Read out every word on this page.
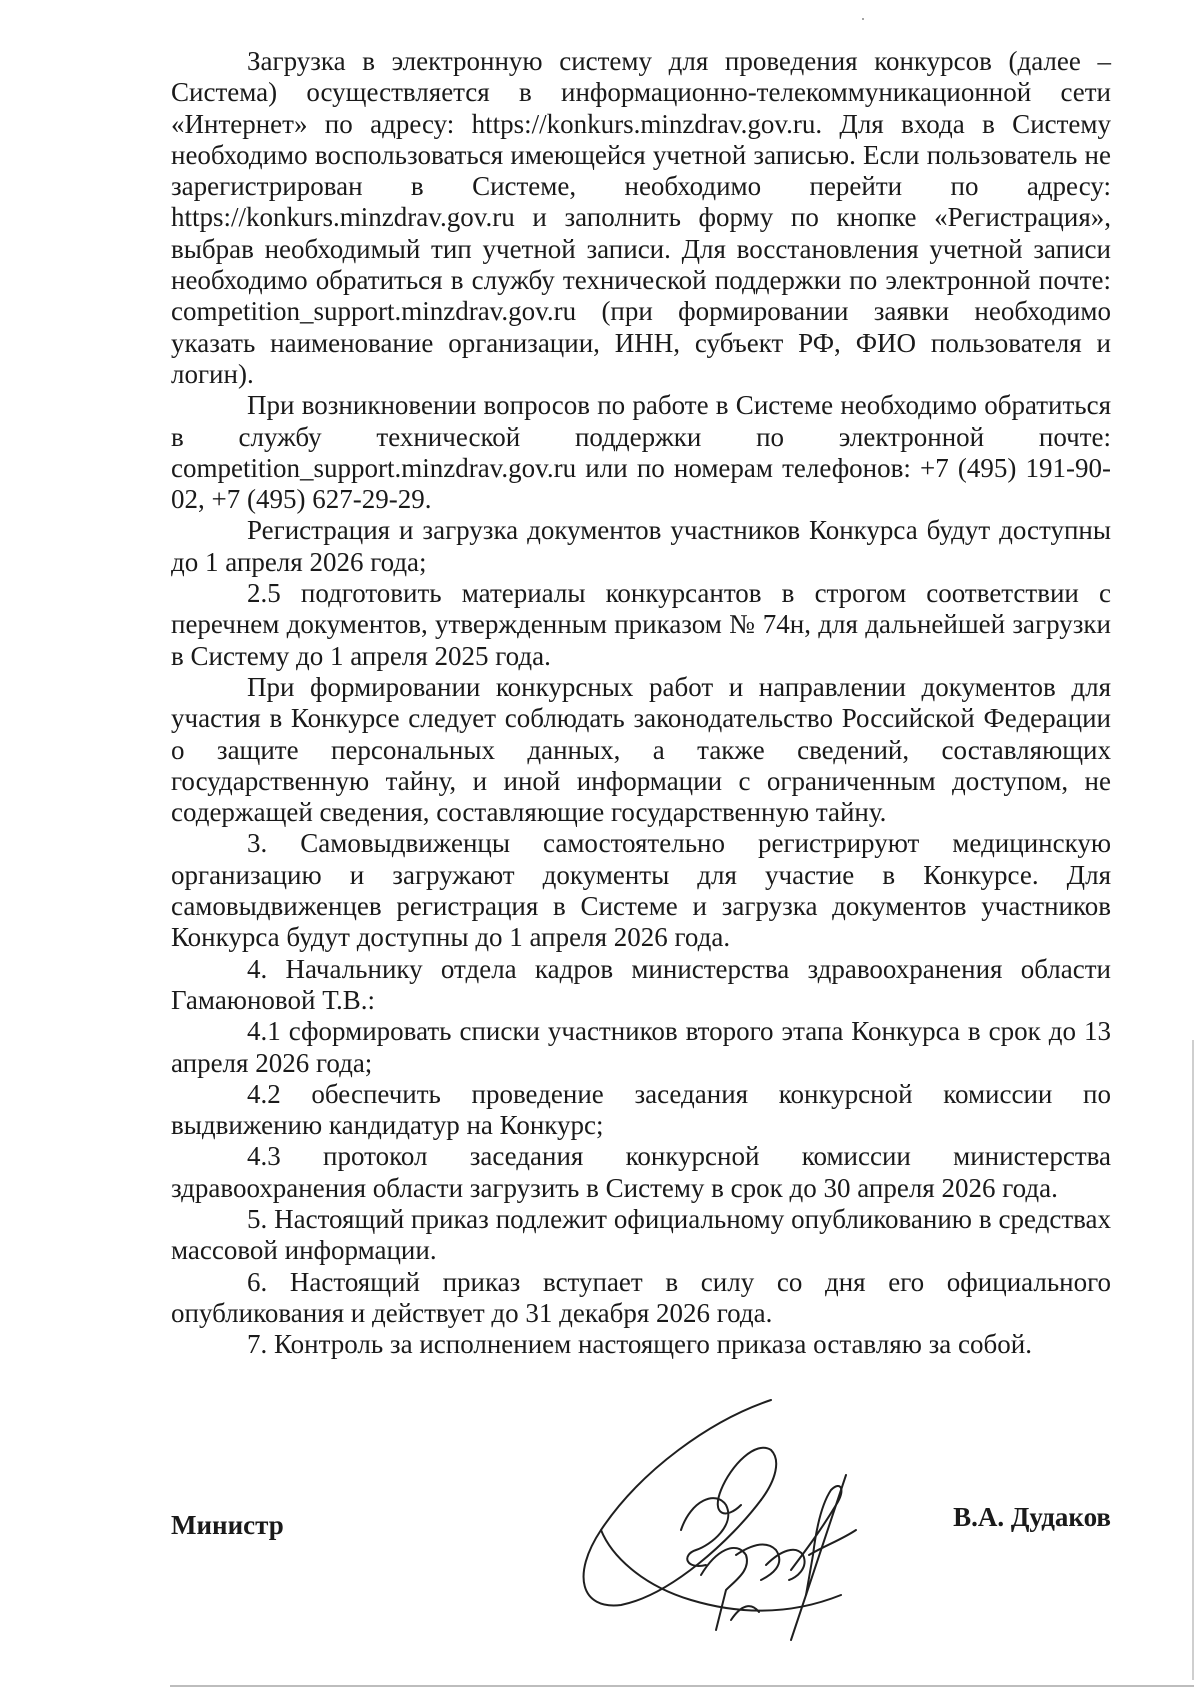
Загрузка в электронную систему для проведения конкурсов (далее – Система) осуществляется в информационно-телекоммуникационной сети «Интернет» по адресу: https://konkurs.minzdrav.gov.ru. Для входа в Систему необходимо воспользоваться имеющейся учетной записью. Если пользователь не зарегистрирован в Системе, необходимо перейти по адресу: https://konkurs.minzdrav.gov.ru и заполнить форму по кнопке «Регистрация», выбрав необходимый тип учетной записи. Для восстановления учетной записи необходимо обратиться в службу технической поддержки по электронной почте: competition_support.minzdrav.gov.ru (при формировании заявки необходимо указать наименование организации, ИНН, субъект РФ, ФИО пользователя и логин).

При возникновении вопросов по работе в Системе необходимо обратиться в службу технической поддержки по электронной почте: competition_support.minzdrav.gov.ru или по номерам телефонов: +7 (495) 191-90-02, +7 (495) 627-29-29.

Регистрация и загрузка документов участников Конкурса будут доступны до 1 апреля 2026 года;

2.5 подготовить материалы конкурсантов в строгом соответствии с перечнем документов, утвержденным приказом № 74н, для дальнейшей загрузки в Систему до 1 апреля 2025 года.

При формировании конкурсных работ и направлении документов для участия в Конкурсе следует соблюдать законодательство Российской Федерации о защите персональных данных, а также сведений, составляющих государственную тайну, и иной информации с ограниченным доступом, не содержащей сведения, составляющие государственную тайну.

3. Самовыдвиженцы самостоятельно регистрируют медицинскую организацию и загружают документы для участие в Конкурсе. Для самовыдвиженцев регистрация в Системе и загрузка документов участников Конкурса будут доступны до 1 апреля 2026 года.

4. Начальнику отдела кадров министерства здравоохранения области Гамаюновой Т.В.:

4.1 сформировать списки участников второго этапа Конкурса в срок до 13 апреля 2026 года;

4.2 обеспечить проведение заседания конкурсной комиссии по выдвижению кандидатур на Конкурс;

4.3 протокол заседания конкурсной комиссии министерства здравоохранения области загрузить в Систему в срок до 30 апреля 2026 года.

5. Настоящий приказ подлежит официальному опубликованию в средствах массовой информации.

6. Настоящий приказ вступает в силу со дня его официального опубликования и действует до 31 декабря 2026 года.

7. Контроль за исполнением настоящего приказа оставляю за собой.

Министр	В.А. Дудаков
